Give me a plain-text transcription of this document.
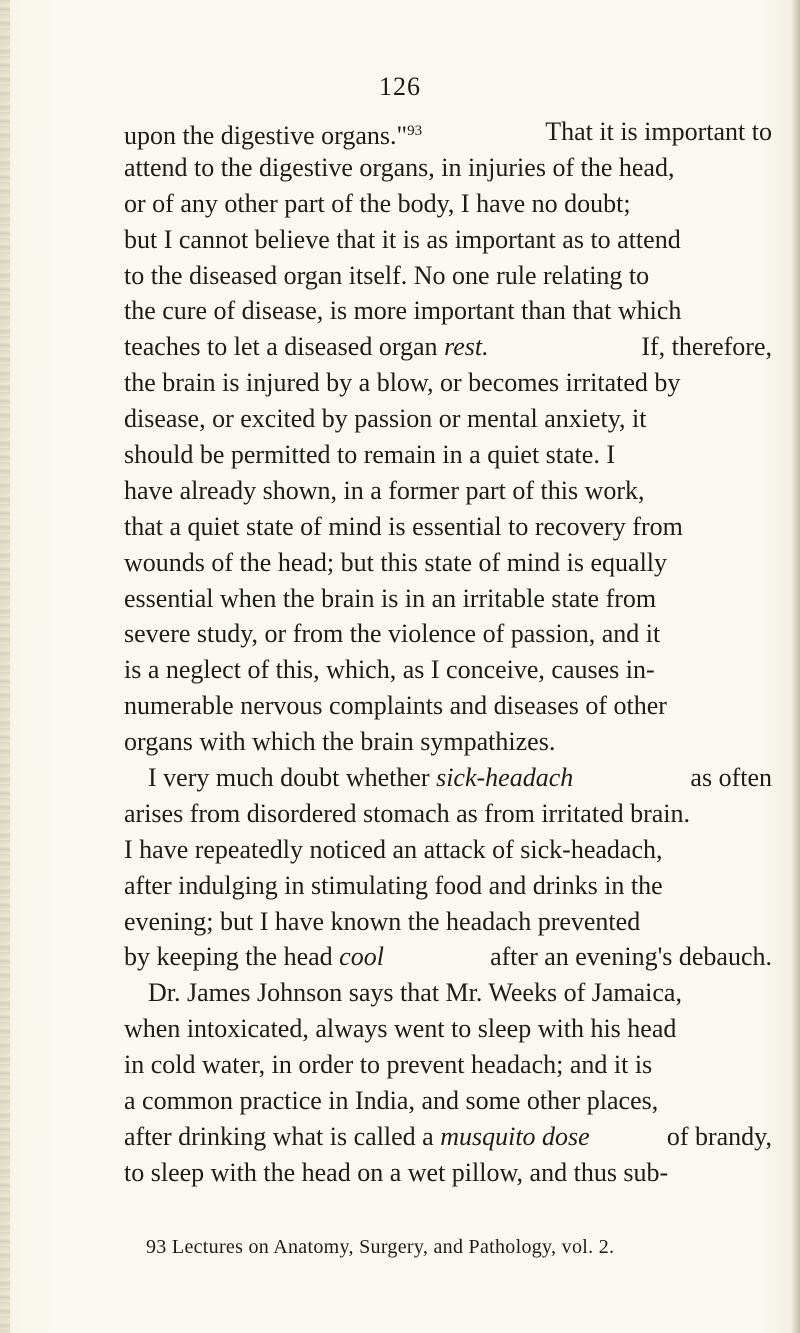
126
upon the digestive organs."$^{93}$	That it is important to
attend to the digestive organs, in injuries of the head,
or of any other part of the body, I have no doubt;
but I cannot believe that it is as important as to attend
to the diseased organ itself. No one rule relating to
the cure of disease, is more important than that which
teaches to let a diseased organ rest.	If, therefore,
the brain is injured by a blow, or becomes irritated by
disease, or excited by passion or mental anxiety, it
should be permitted to remain in a quiet state. I
have already shown, in a former part of this work,
that a quiet state of mind is essential to recovery from
wounds of the head; but this state of mind is equally
essential when the brain is in an irritable state from
severe study, or from the violence of passion, and it
is a neglect of this, which, as I conceive, causes in-
numerable nervous complaints and diseases of other
organs with which the brain sympathizes.
I very much doubt whether sick-headach	as often
arises from disordered stomach as from irritated brain.
I have repeatedly noticed an attack of sick-headach,
after indulging in stimulating food and drinks in the
evening; but I have known the headach prevented
by keeping the head cool	after an evening's debauch.
Dr. James Johnson says that Mr. Weeks of Jamaica,
when intoxicated, always went to sleep with his head
in cold water, in order to prevent headach; and it is
a common practice in India, and some other places,
after drinking what is called a musquito dose	of brandy,
to sleep with the head on a wet pillow, and thus sub-
93 Lectures on Anatomy, Surgery, and Pathology, vol. 2.
